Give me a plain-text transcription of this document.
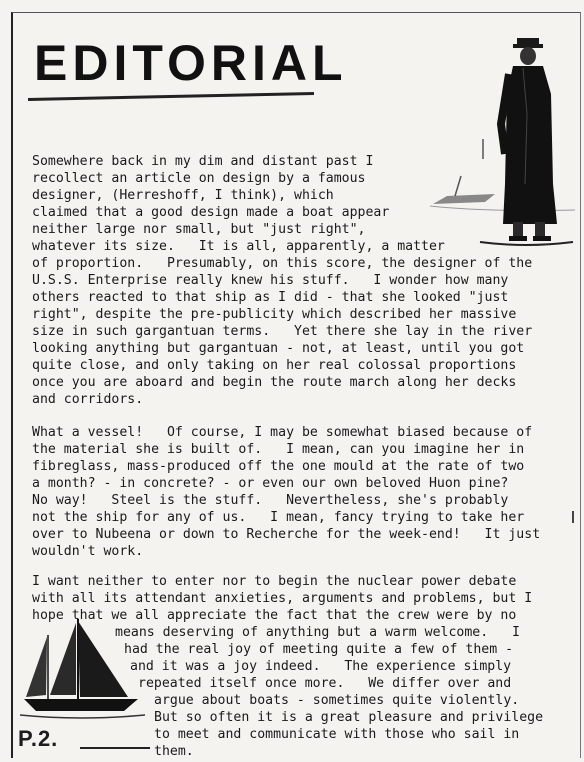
EDITORIAL

Somewhere back in my dim and distant past I

recollect an article on design by a famous

designer, (Herreshoff, I think), which

claimed that a good design made a boat appear

neither large nor small, but "just right",

whatever its size.   It is all, apparently, a matter

of proportion.   Presumably, on this score, the designer of the

U.S.S. Enterprise really knew his stuff.   I wonder how many

others reacted to that ship as I did - that she looked "just

right", despite the pre-publicity which described her massive

size in such gargantuan terms.   Yet there she lay in the river

looking anything but gargantuan - not, at least, until you got

quite close, and only taking on her real colossal proportions

once you are aboard and begin the route march along her decks

and corridors.

What a vessel!   Of course, I may be somewhat biased because of

the material she is built of.   I mean, can you imagine her in

fibreglass, mass-produced off the one mould at the rate of two

a month? - in concrete? - or even our own beloved Huon pine?

No way!   Steel is the stuff.   Nevertheless, she's probably

not the ship for any of us.   I mean, fancy trying to take her

over to Nubeena or down to Recherche for the week-end!   It just

wouldn't work.

I want neither to enter nor to begin the nuclear power debate

with all its attendant anxieties, arguments and problems, but I

hope that we all appreciate the fact that the crew were by no

means deserving of anything but a warm welcome.   I

had the real joy of meeting quite a few of them -

and it was a joy indeed.   The experience simply

repeated itself once more.   We differ over and

argue about boats - sometimes quite violently.

But so often it is a great pleasure and privilege

to meet and communicate with those who sail in

them.

P.2.
